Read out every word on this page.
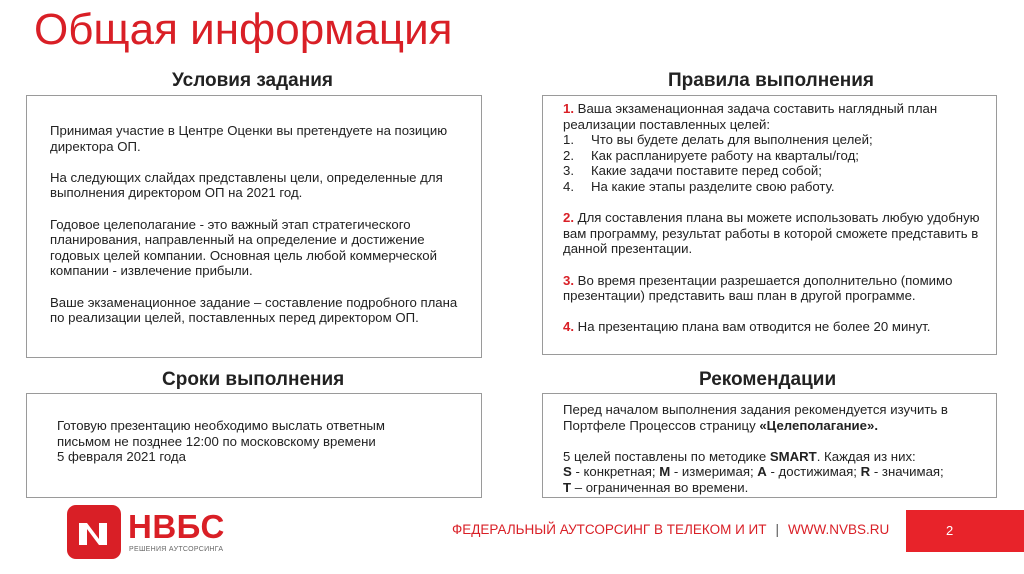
Общая информация
Условия задания

Принимая участие в Центре Оценки вы претендуете на позицию директора ОП.

На следующих слайдах представлены цели, определенные для выполнения директором ОП на 2021 год.

Годовое целеполагание - это важный этап стратегического планирования, направленный на определение и достижение годовых целей компании. Основная цель любой коммерческой компании - извлечение прибыли.

Ваше экзаменационное задание – составление подробного плана по реализации целей, поставленных перед директором ОП.

Правила выполнения

1. Ваша экзаменационная задача составить наглядный план реализации поставленных целей:

1. Что вы будете делать для выполнения целей;
2. Как распланируете работу на кварталы/год;
3. Какие задачи поставите перед собой;
4. На какие этапы разделите свою работу.

2. Для составления плана вы можете использовать любую удобную вам программу, результат работы в которой сможете представить в данной презентации.

3. Во время презентации разрешается дополнительно (помимо презентации) представить ваш план в другой программе.

4. На презентацию плана вам отводится не более 20 минут.

Сроки выполнения

Готовую презентацию необходимо выслать ответным

письмом не позднее 12:00 по московскому времени

5 февраля 2021 года

Рекомендации

Перед началом выполнения задания рекомендуется изучить в Портфеле Процессов страницу «Целеполагание».

5 целей поставлены по методике SMART. Каждая из них:

S - конкретная; M - измеримая; A - достижимая; R - значимая;

T – ограниченная во времени.

НВБС
РЕШЕНИЯ АУТСОРСИНГА
ФЕДЕРАЛЬНЫЙ АУТСОРСИНГ В ТЕЛЕКОМ И ИТ | WWW.NVBS.RU	2
